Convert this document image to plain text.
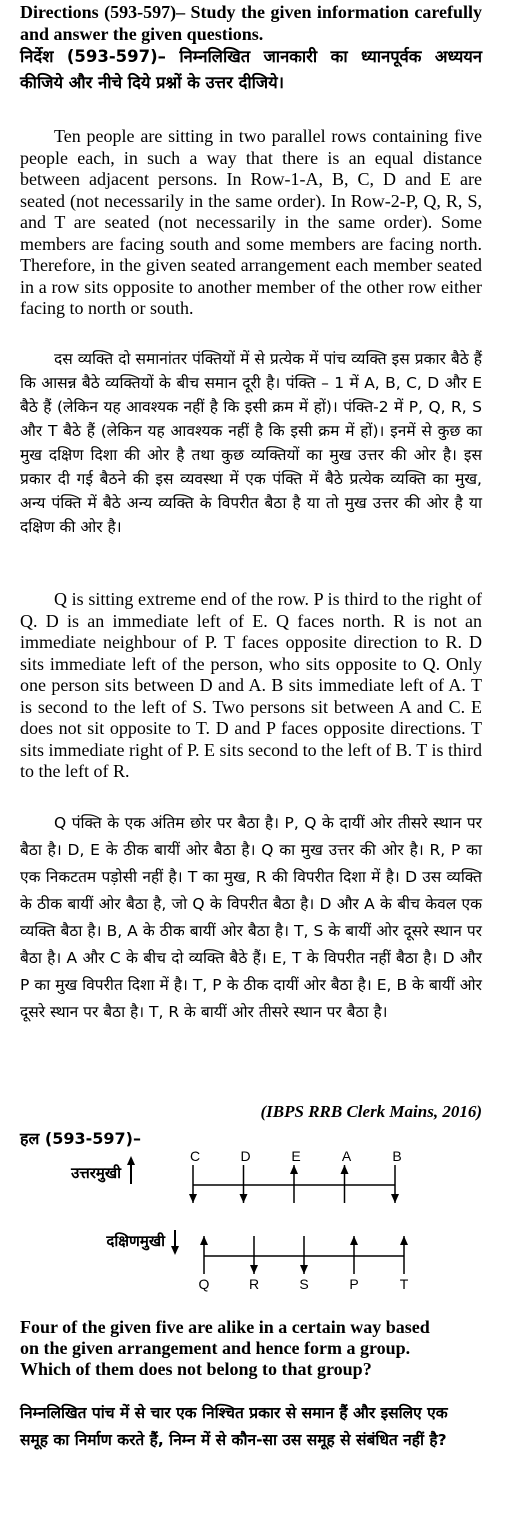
Directions (593-597)– Study the given information carefully and answer the given questions.

निर्देश (593-597)– निम्नलिखित जानकारी का ध्यानपूर्वक अध्ययन कीजिये और नीचे दिये प्रश्नों के उत्तर दीजिये।

Ten people are sitting in two parallel rows containing five people each, in such a way that there is an equal distance between adjacent persons. In Row-1-A, B, C, D and E are seated (not necessarily in the same order). In Row-2-P, Q, R, S, and T are seated (not necessarily in the same order). Some members are facing south and some members are facing north. Therefore, in the given seated arrangement each member seated in a row sits opposite to another member of the other row either facing to north or south.

दस व्यक्ति दो समानांतर पंक्तियों में से प्रत्येक में पांच व्यक्ति इस प्रकार बैठे हैं कि आसन्न बैठे व्यक्तियों के बीच समान दूरी है। पंक्ति – 1 में A, B, C, D और E बैठे हैं (लेकिन यह आवश्यक नहीं है कि इसी क्रम में हों)। पंक्ति-2 में P, Q, R, S और T बैठे हैं (लेकिन यह आवश्यक नहीं है कि इसी क्रम में हों)। इनमें से कुछ का मुख दक्षिण दिशा की ओर है तथा कुछ व्यक्तियों का मुख उत्तर की ओर है। इस प्रकार दी गई बैठने की इस व्यवस्था में एक पंक्ति में बैठे प्रत्येक व्यक्ति का मुख, अन्य पंक्ति में बैठे अन्य व्यक्ति के विपरीत बैठा है या तो मुख उत्तर की ओर है या दक्षिण की ओर है।

Q is sitting extreme end of the row. P is third to the right of Q. D is an immediate left of E. Q faces north. R is not an immediate neighbour of P. T faces opposite direction to R. D sits immediate left of the person, who sits opposite to Q. Only one person sits between D and A. B sits immediate left of A. T is second to the left of S. Two persons sit between A and C. E does not sit opposite to T. D and P faces opposite directions. T sits immediate right of P. E sits second to the left of B. T is third to the left of R.

Q पंक्ति के एक अंतिम छोर पर बैठा है। P, Q के दायीं ओर तीसरे स्थान पर बैठा है। D, E के ठीक बायीं ओर बैठा है। Q का मुख उत्तर की ओर है। R, P का एक निकटतम पड़ोसी नहीं है। T का मुख, R की विपरीत दिशा में है। D उस व्यक्ति के ठीक बायीं ओर बैठा है, जो Q के विपरीत बैठा है। D और A के बीच केवल एक व्यक्ति बैठा है। B, A के ठीक बायीं ओर बैठा है। T, S के बायीं ओर दूसरे स्थान पर बैठा है। A और C के बीच दो व्यक्ति बैठे हैं। E, T के विपरीत नहीं बैठा है। D और P का मुख विपरीत दिशा में है। T, P के ठीक दायीं ओर बैठा है। E, B के बायीं ओर दूसरे स्थान पर बैठा है। T, R के बायीं ओर तीसरे स्थान पर बैठा है।

(IBPS RRB Clerk Mains, 2016)

हल (593-597)–

उत्तरमुखी
दक्षिणमुखी
C	D	E	A	B
Q	R	S	P	T

Four of the given five are alike in a certain way based on the given arrangement and hence form a group. Which of them does not belong to that group?

निम्नलिखित पांच में से चार एक निश्चित प्रकार से समान हैं और इसलिए एक समूह का निर्माण करते हैं, निम्न में से कौन-सा उस समूह से संबंधित नहीं है?
